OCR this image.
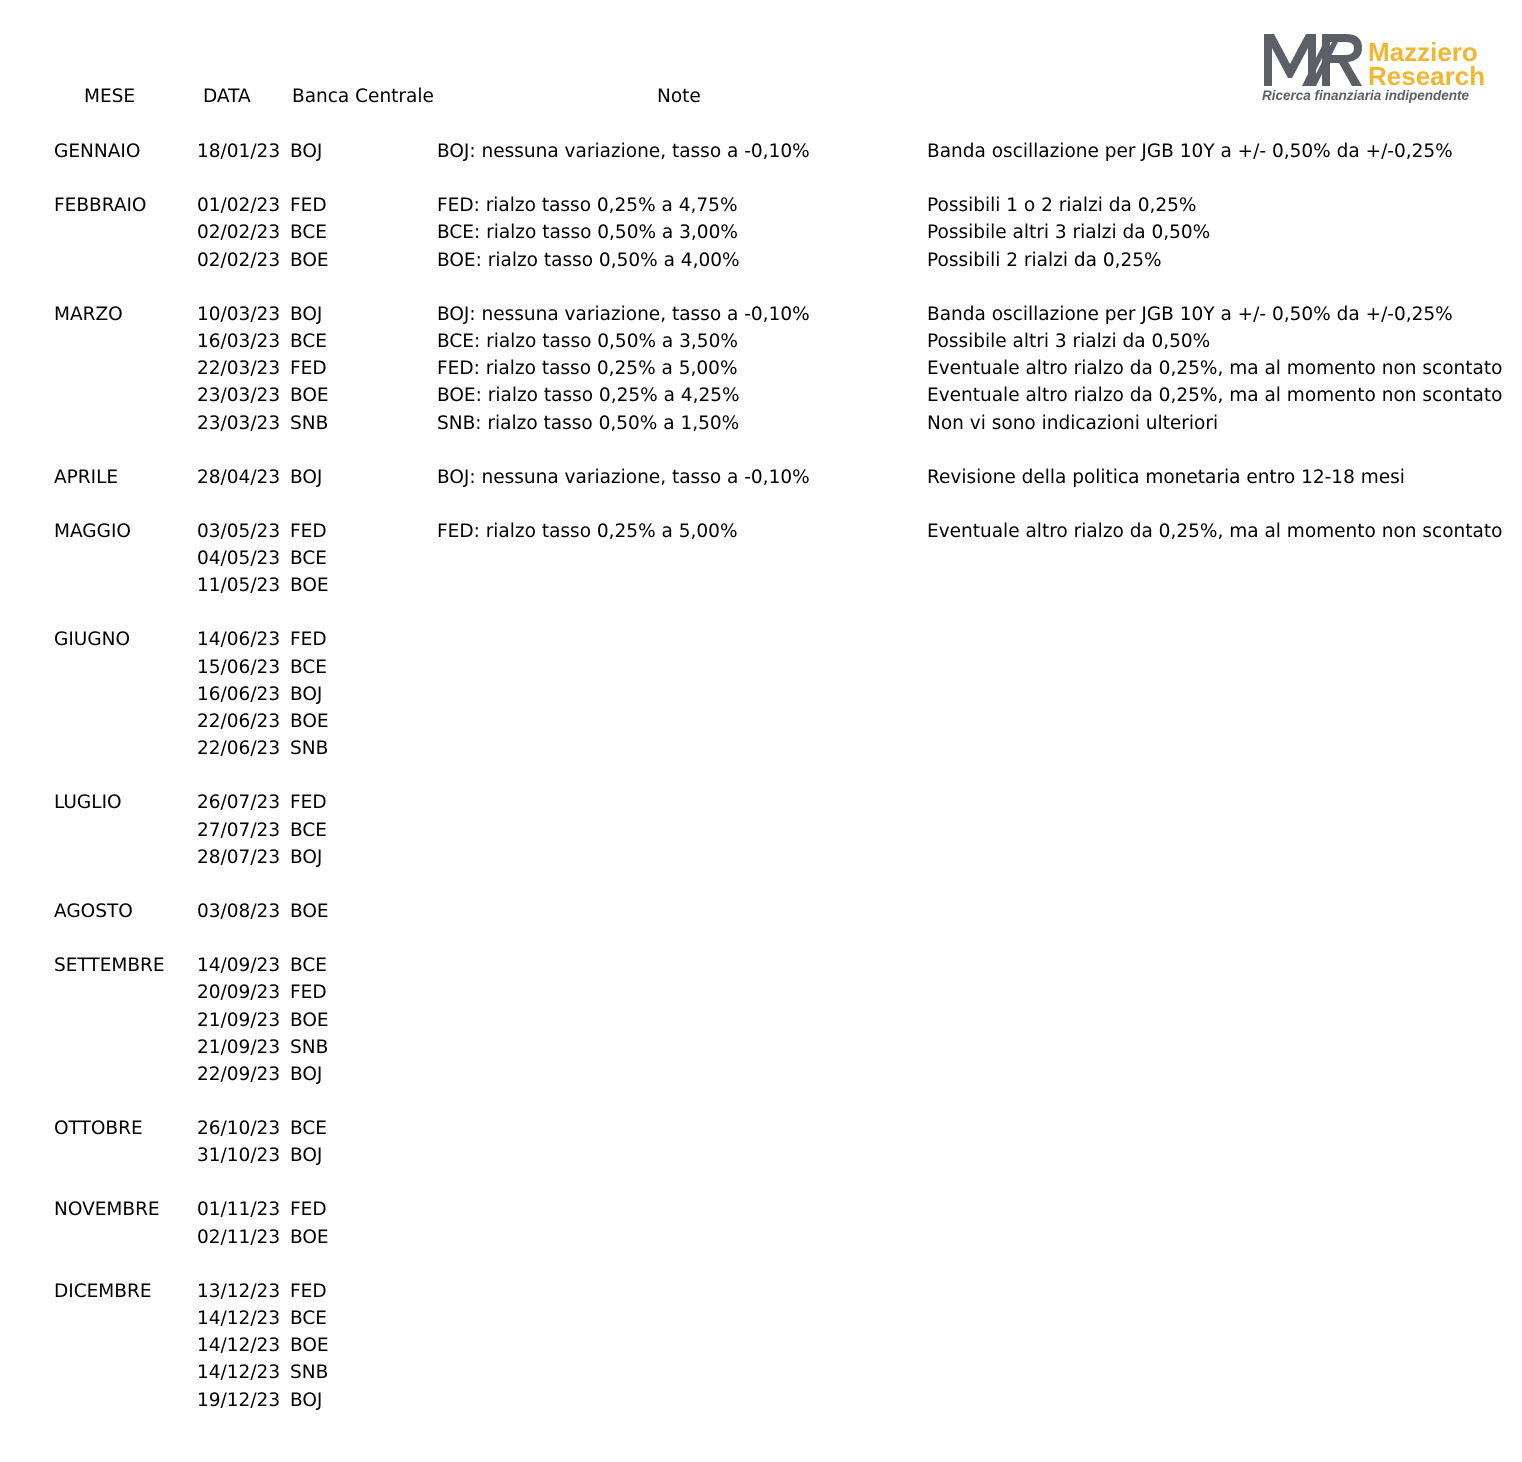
Mazziero
Research
Ricerca finanziaria indipendente
MESE	DATA Banca Centrale	Note
GENNAIO	18/01/23 BOJ	BOJ: nessuna variazione, tasso a -0,10%	Banda oscillazione per JGB 10Y a +/- 0,50% da +/-0,25%
FEBBRAIO	01/02/23 FED	FED: rialzo tasso 0,25% a 4,75%	Possibili 1 o 2 rialzi da 0,25%
02/02/23 BCE	BCE: rialzo tasso 0,50% a 3,00%	Possibile altri 3 rialzi da 0,50%
02/02/23 BOE	BOE: rialzo tasso 0,50% a 4,00%	Possibili 2 rialzi da 0,25%
MARZO	10/03/23 BOJ	BOJ: nessuna variazione, tasso a -0,10%	Banda oscillazione per JGB 10Y a +/- 0,50% da +/-0,25%
16/03/23 BCE	BCE: rialzo tasso 0,50% a 3,50%	Possibile altri 3 rialzi da 0,50%
22/03/23 FED	FED: rialzo tasso 0,25% a 5,00%	Eventuale altro rialzo da 0,25%, ma al momento non scontato
23/03/23 BOE	BOE: rialzo tasso 0,25% a 4,25%	Eventuale altro rialzo da 0,25%, ma al momento non scontato
23/03/23 SNB	SNB: rialzo tasso 0,50% a 1,50%	Non vi sono indicazioni ulteriori
APRILE	28/04/23 BOJ	BOJ: nessuna variazione, tasso a -0,10%	Revisione della politica monetaria entro 12-18 mesi
MAGGIO	03/05/23 FED	FED: rialzo tasso 0,25% a 5,00%	Eventuale altro rialzo da 0,25%, ma al momento non scontato
04/05/23 BCE
11/05/23 BOE
GIUGNO	14/06/23 FED
15/06/23 BCE
16/06/23 BOJ
22/06/23 BOE
22/06/23 SNB
LUGLIO	26/07/23 FED
27/07/23 BCE
28/07/23 BOJ
AGOSTO	03/08/23 BOE
SETTEMBRE 14/09/23 BCE
20/09/23 FED
21/09/23 BOE
21/09/23 SNB
22/09/23 BOJ
OTTOBRE	26/10/23 BCE
31/10/23 BOJ
NOVEMBRE 01/11/23 FED
02/11/23 BOE
DICEMBRE 13/12/23 FED
14/12/23 BCE
14/12/23 BOE
14/12/23 SNB
19/12/23 BOJ
